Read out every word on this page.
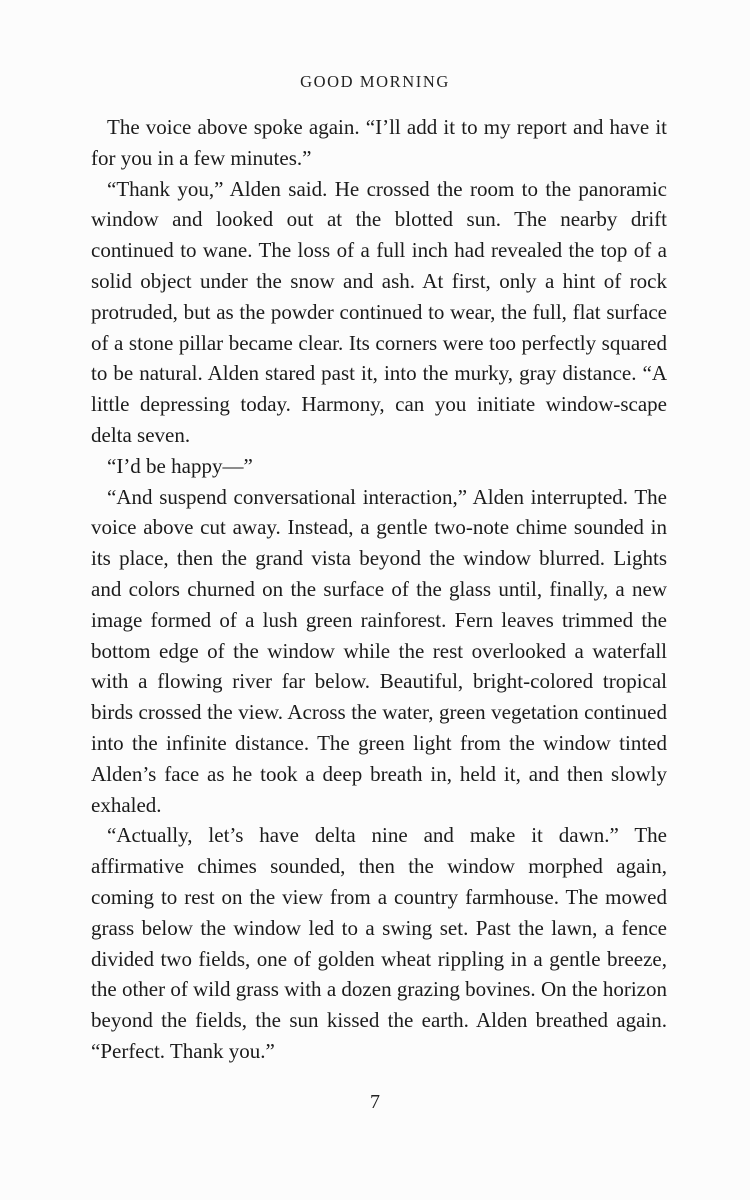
GOOD MORNING

The voice above spoke again. “I’ll add it to my report and have it for you in a few minutes.”

“Thank you,” Alden said. He crossed the room to the panoramic window and looked out at the blotted sun. The nearby drift continued to wane. The loss of a full inch had revealed the top of a solid object under the snow and ash. At first, only a hint of rock protruded, but as the powder continued to wear, the full, flat surface of a stone pillar became clear. Its corners were too perfectly squared to be natural. Alden stared past it, into the murky, gray distance. “A little depressing today. Harmony, can you initiate window-scape delta seven.

“I’d be happy—”

“And suspend conversational interaction,” Alden interrupted. The voice above cut away. Instead, a gentle two-note chime sounded in its place, then the grand vista beyond the window blurred. Lights and colors churned on the surface of the glass until, finally, a new image formed of a lush green rainforest. Fern leaves trimmed the bottom edge of the window while the rest overlooked a waterfall with a flowing river far below. Beautiful, bright-colored tropical birds crossed the view. Across the water, green vegetation continued into the infinite distance. The green light from the window tinted Alden’s face as he took a deep breath in, held it, and then slowly exhaled.

“Actually, let’s have delta nine and make it dawn.” The affirmative chimes sounded, then the window morphed again, coming to rest on the view from a country farmhouse. The mowed grass below the window led to a swing set. Past the lawn, a fence divided two fields, one of golden wheat rippling in a gentle breeze, the other of wild grass with a dozen grazing bovines. On the horizon beyond the fields, the sun kissed the earth. Alden breathed again. “Perfect. Thank you.”

7
